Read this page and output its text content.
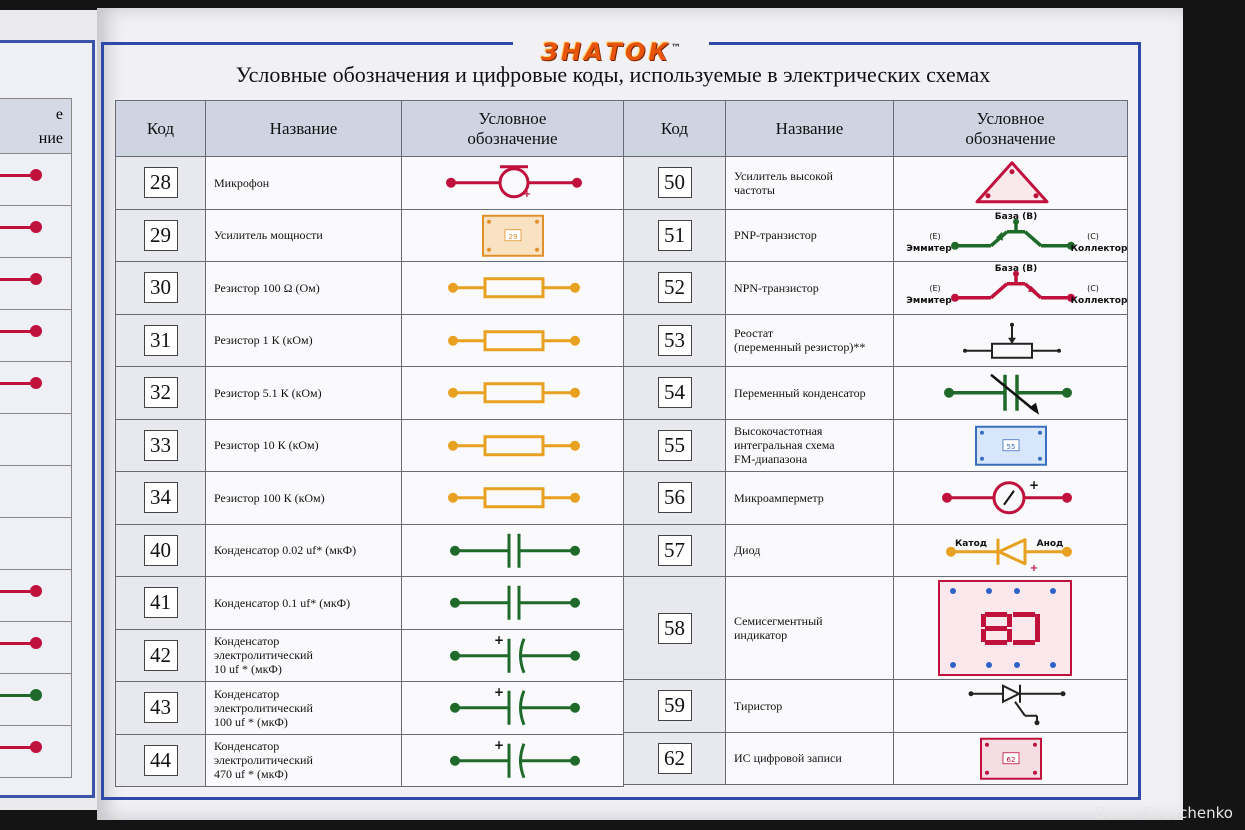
е
ние
ЗНАТОК™
Условные обозначения и цифровые коды, используемые в электрических схемах
Код	Название	Условное
обозначение
28	Микрофон	+

29	Усилитель мощности	29

30	Резистор 100 Ω (Ом)	

31	Резистор 1 К (кОм)	

32	Резистор 5.1 К (кОм)	

33	Резистор 10 К (кОм)	

34	Резистор 100 К (кОм)	

40	Конденсатор 0.02 uf* (мкФ)	

41	Конденсатор 0.1 uf* (мкФ)	

42	Конденсатор
электролитический
10 uf * (мкФ)	+

43	Конденсатор
электролитический
100 uf * (мкФ)	+

44	Конденсатор
электролитический
470 uf * (мкФ)	+
Код	Название	Условное
обозначение
50	Усилитель высокой
частоты	

51	PNP-транзистор	База (В)
(Е)
Эммитер
(С)
Коллектор

52	NPN-транзистор	База (В)
(Е)
Эммитер
(С)
Коллектор

53	Реостат
(переменный резистор)**	

54	Переменный конденсатор	

55	Высокочастотная
интегральная схема
FM-диапазона	55

56	Микроамперметр	+

57	Диод	Катод Анод
+

58	Семисегментный
индикатор	

59	Тиристор	

62	ИС цифровой записи	62
Daniil Shevchenko
